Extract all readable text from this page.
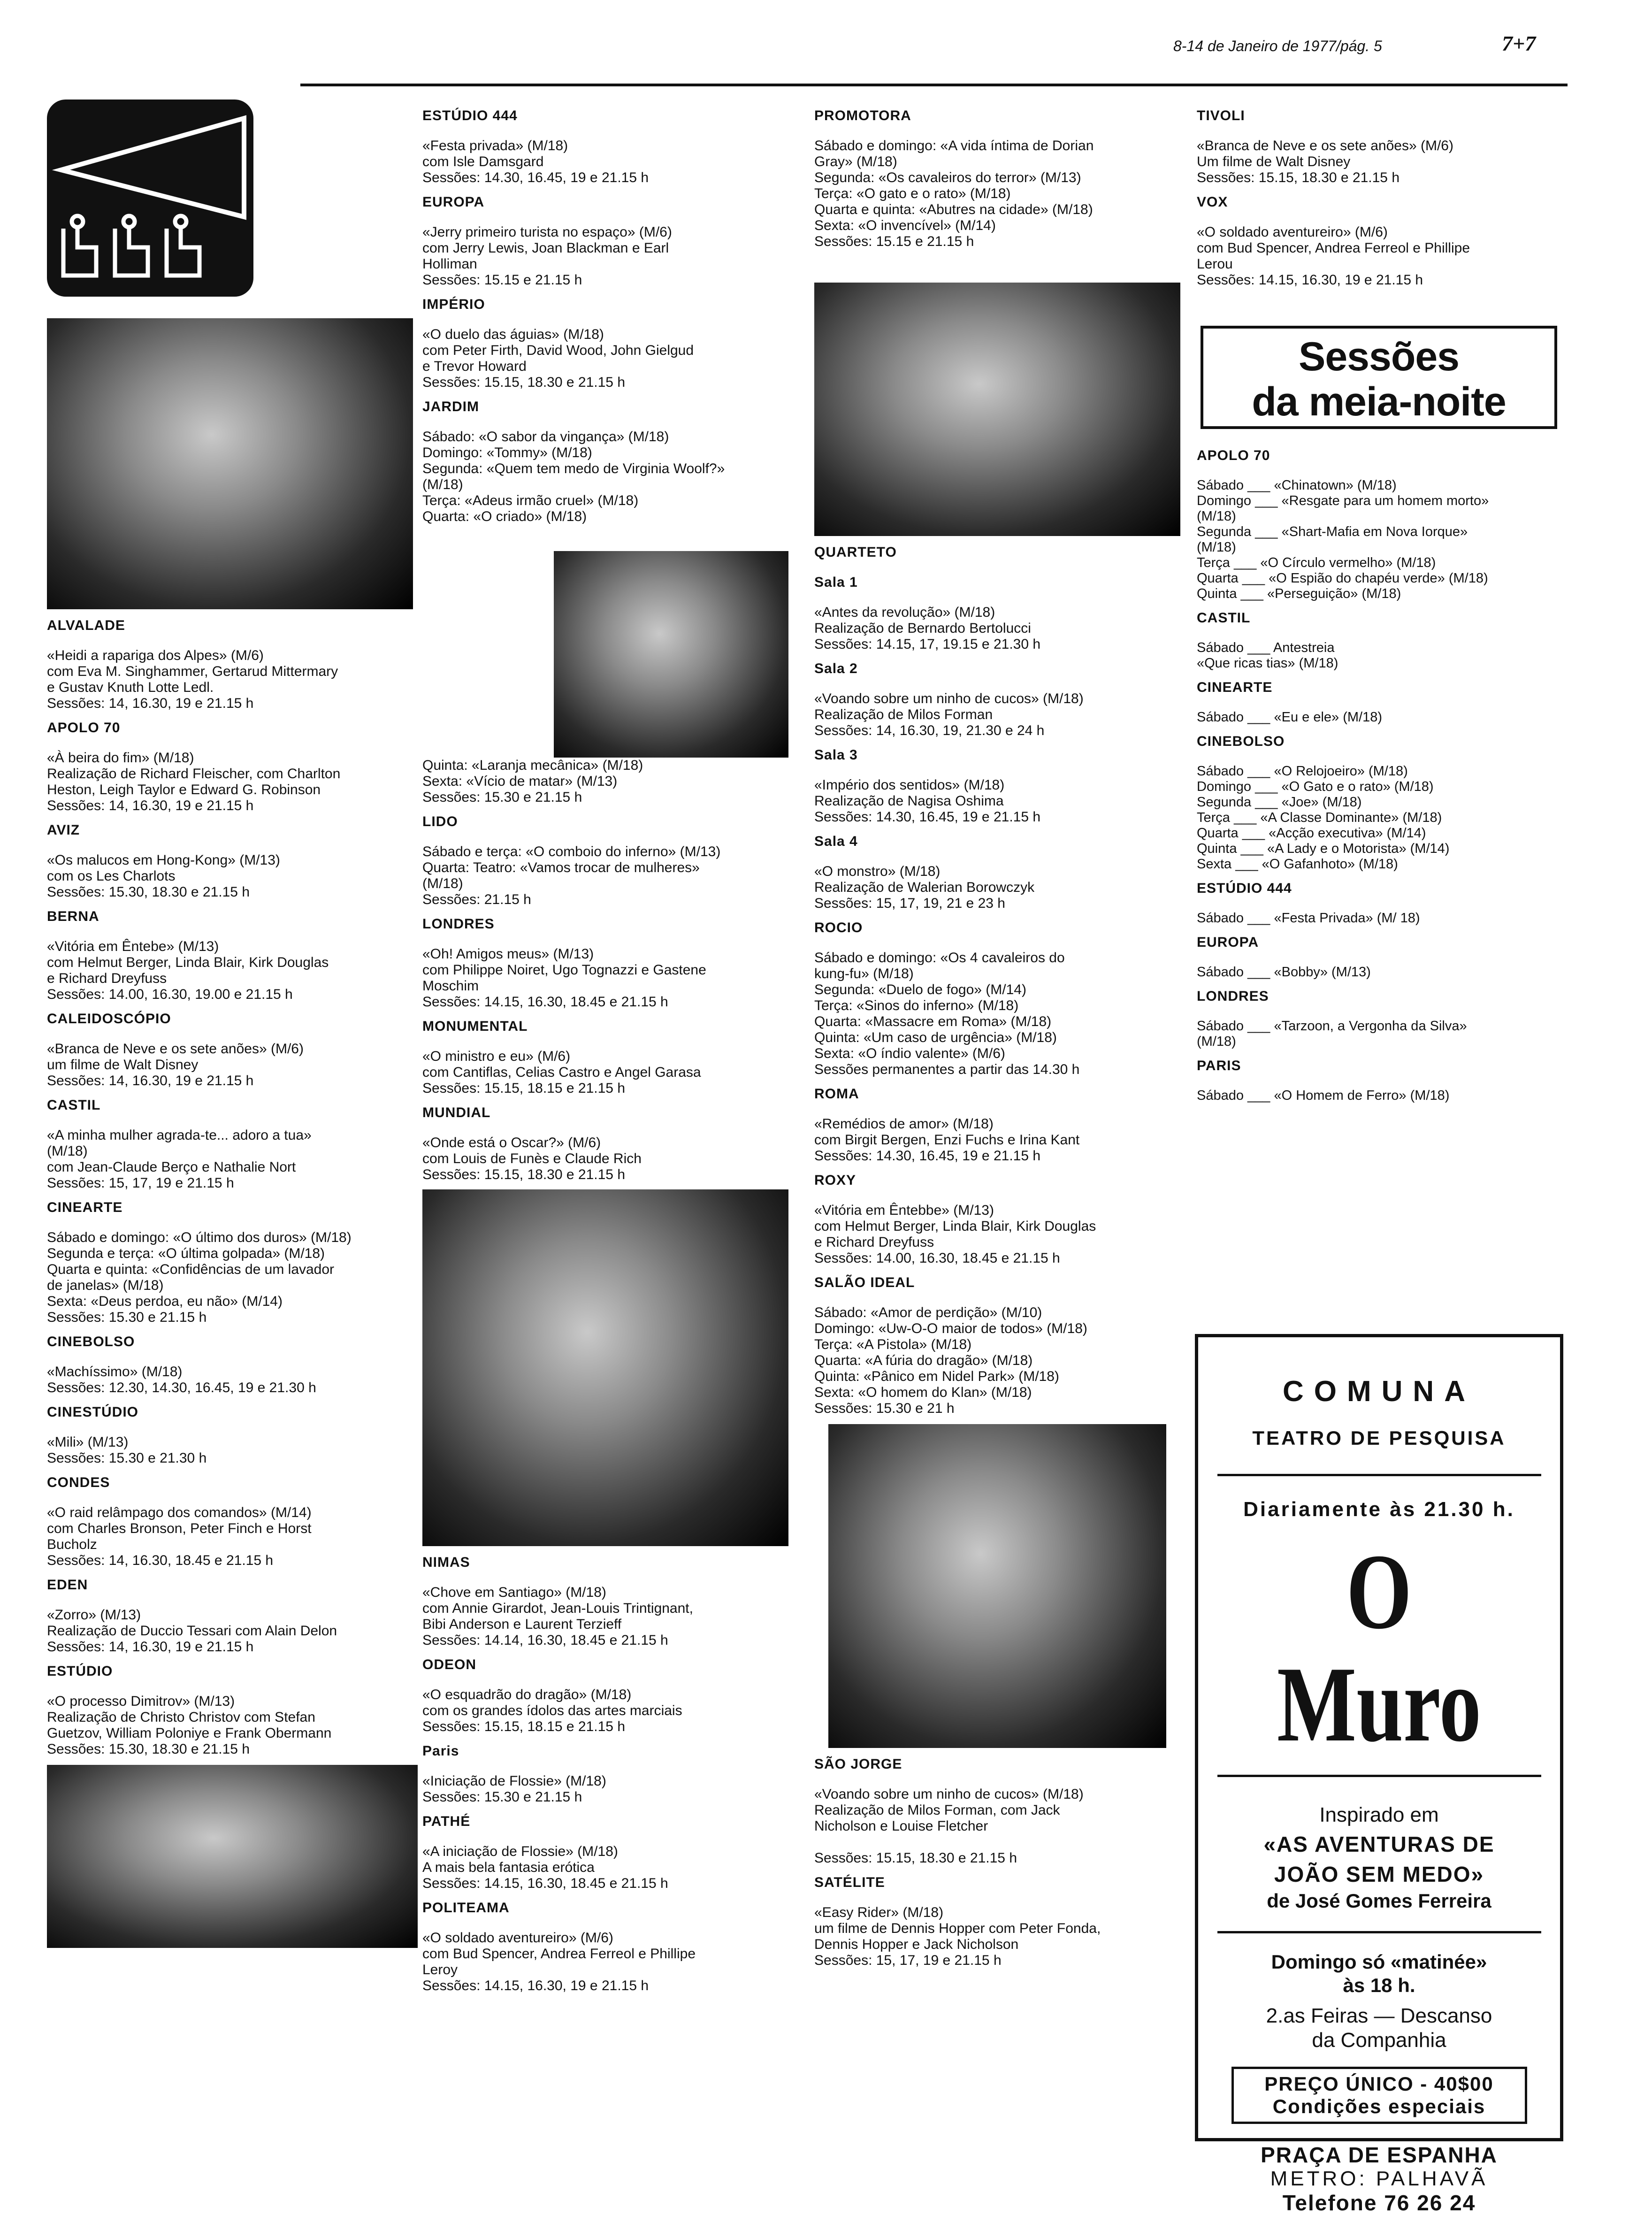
8-14 de Janeiro de 1977/pág. 5	7+7
ALVALADE
«Heidi a rapariga dos Alpes» (M/6)
com Eva M. Singhammer, Gertarud Mittermary
e Gustav Knuth Lotte Ledl.
Sessões: 14, 16.30, 19 e 21.15 h
APOLO 70
«À beira do fim» (M/18)
Realização de Richard Fleischer, com Charlton
Heston, Leigh Taylor e Edward G. Robinson
Sessões: 14, 16.30, 19 e 21.15 h
AVIZ
«Os malucos em Hong-Kong» (M/13)
com os Les Charlots
Sessões: 15.30, 18.30 e 21.15 h
BERNA
«Vitória em Êntebe» (M/13)
com Helmut Berger, Linda Blair, Kirk Douglas
e Richard Dreyfuss
Sessões: 14.00, 16.30, 19.00 e 21.15 h
CALEIDOSCÓPIO
«Branca de Neve e os sete anões» (M/6)
um filme de Walt Disney
Sessões: 14, 16.30, 19 e 21.15 h
CASTIL
«A minha mulher agrada-te... adoro a tua»
(M/18)
com Jean-Claude Berço e Nathalie Nort
Sessões: 15, 17, 19 e 21.15 h
CINEARTE
Sábado e domingo: «O último dos duros» (M/18)
Segunda e terça: «O última golpada» (M/18)
Quarta e quinta: «Confidências de um lavador
de janelas» (M/18)
Sexta: «Deus perdoa, eu não» (M/14)
Sessões: 15.30 e 21.15 h
CINEBOLSO
«Machíssimo» (M/18)
Sessões: 12.30, 14.30, 16.45, 19 e 21.30 h
CINESTÚDIO
«Mili» (M/13)
Sessões: 15.30 e 21.30 h
CONDES
«O raid relâmpago dos comandos» (M/14)
com Charles Bronson, Peter Finch e Horst
Bucholz
Sessões: 14, 16.30, 18.45 e 21.15 h
EDEN
«Zorro» (M/13)
Realização de Duccio Tessari com Alain Delon
Sessões: 14, 16.30, 19 e 21.15 h
ESTÚDIO
«O processo Dimitrov» (M/13)
Realização de Christo Christov com Stefan
Guetzov, William Poloniye e Frank Obermann
Sessões: 15.30, 18.30 e 21.15 h
ESTÚDIO 444
«Festa privada» (M/18)
com Isle Damsgard
Sessões: 14.30, 16.45, 19 e 21.15 h
EUROPA
«Jerry primeiro turista no espaço» (M/6)
com Jerry Lewis, Joan Blackman e Earl
Holliman
Sessões: 15.15 e 21.15 h
IMPÉRIO
«O duelo das águias» (M/18)
com Peter Firth, David Wood, John Gielgud
e Trevor Howard
Sessões: 15.15, 18.30 e 21.15 h
JARDIM
Sábado: «O sabor da vingança» (M/18)
Domingo: «Tommy» (M/18)
Segunda: «Quem tem medo de Virginia Woolf?»
(M/18)
Terça: «Adeus irmão cruel» (M/18)
Quarta: «O criado» (M/18)
Quinta: «Laranja mecânica» (M/18)
Sexta: «Vício de matar» (M/13)
Sessões: 15.30 e 21.15 h
LIDO
Sábado e terça: «O comboio do inferno» (M/13)
Quarta: Teatro: «Vamos trocar de mulheres»
(M/18)
Sessões: 21.15 h
LONDRES
«Oh! Amigos meus» (M/13)
com Philippe Noiret, Ugo Tognazzi e Gastene
Moschim
Sessões: 14.15, 16.30, 18.45 e 21.15 h
MONUMENTAL
«O ministro e eu» (M/6)
com Cantiflas, Celias Castro e Angel Garasa
Sessões: 15.15, 18.15 e 21.15 h
MUNDIAL
«Onde está o Oscar?» (M/6)
com Louis de Funès e Claude Rich
Sessões: 15.15, 18.30 e 21.15 h
NIMAS
«Chove em Santiago» (M/18)
com Annie Girardot, Jean-Louis Trintignant,
Bibi Anderson e Laurent Terzieff
Sessões: 14.14, 16.30, 18.45 e 21.15 h
ODEON
«O esquadrão do dragão» (M/18)
com os grandes ídolos das artes marciais
Sessões: 15.15, 18.15 e 21.15 h
Paris
«Iniciação de Flossie» (M/18)
Sessões: 15.30 e 21.15 h
PATHÉ
«A iniciação de Flossie» (M/18)
A mais bela fantasia erótica
Sessões: 14.15, 16.30, 18.45 e 21.15 h
POLITEAMA
«O soldado aventureiro» (M/6)
com Bud Spencer, Andrea Ferreol e Phillipe
Leroy
Sessões: 14.15, 16.30, 19 e 21.15 h
PROMOTORA
Sábado e domingo: «A vida íntima de Dorian
Gray» (M/18)
Segunda: «Os cavaleiros do terror» (M/13)
Terça: «O gato e o rato» (M/18)
Quarta e quinta: «Abutres na cidade» (M/18)
Sexta: «O invencível» (M/14)
Sessões: 15.15 e 21.15 h
QUARTETO
Sala 1
«Antes da revolução» (M/18)
Realização de Bernardo Bertolucci
Sessões: 14.15, 17, 19.15 e 21.30 h
Sala 2
«Voando sobre um ninho de cucos» (M/18)
Realização de Milos Forman
Sessões: 14, 16.30, 19, 21.30 e 24 h
Sala 3
«Império dos sentidos» (M/18)
Realização de Nagisa Oshima
Sessões: 14.30, 16.45, 19 e 21.15 h
Sala 4
«O monstro» (M/18)
Realização de Walerian Borowczyk
Sessões: 15, 17, 19, 21 e 23 h
ROCIO
Sábado e domingo: «Os 4 cavaleiros do
kung-fu» (M/18)
Segunda: «Duelo de fogo» (M/14)
Terça: «Sinos do inferno» (M/18)
Quarta: «Massacre em Roma» (M/18)
Quinta: «Um caso de urgência» (M/18)
Sexta: «O índio valente» (M/6)
Sessões permanentes a partir das 14.30 h
ROMA
«Remédios de amor» (M/18)
com Birgit Bergen, Enzi Fuchs e Irina Kant
Sessões: 14.30, 16.45, 19 e 21.15 h
ROXY
«Vitória em Êntebbe» (M/13)
com Helmut Berger, Linda Blair, Kirk Douglas
e Richard Dreyfuss
Sessões: 14.00, 16.30, 18.45 e 21.15 h
SALÃO IDEAL
Sábado: «Amor de perdição» (M/10)
Domingo: «Uw-O-O maior de todos» (M/18)
Terça: «A Pistola» (M/18)
Quarta: «A fúria do dragão» (M/18)
Quinta: «Pânico em Nidel Park» (M/18)
Sexta: «O homem do Klan» (M/18)
Sessões: 15.30 e 21 h
SÃO JORGE
«Voando sobre um ninho de cucos» (M/18)
Realização de Milos Forman, com Jack
Nicholson e Louise Fletcher

Sessões: 15.15, 18.30 e 21.15 h
SATÉLITE
«Easy Rider» (M/18)
um filme de Dennis Hopper com Peter Fonda,
Dennis Hopper e Jack Nicholson
Sessões: 15, 17, 19 e 21.15 h
TIVOLI
«Branca de Neve e os sete anões» (M/6)
Um filme de Walt Disney
Sessões: 15.15, 18.30 e 21.15 h
VOX
«O soldado aventureiro» (M/6)
com Bud Spencer, Andrea Ferreol e Phillipe
Lerou
Sessões: 14.15, 16.30, 19 e 21.15 h
Sessões
da meia-noite
APOLO 70
Sábado ___ «Chinatown» (M/18)
Domingo ___ «Resgate para um homem morto»
(M/18)
Segunda ___ «Shart-Mafia em Nova Iorque»
(M/18)
Terça ___ «O Círculo vermelho» (M/18)
Quarta ___ «O Espião do chapéu verde» (M/18)
Quinta ___ «Perseguição» (M/18)
CASTIL
Sábado ___ Antestreia
«Que ricas tias» (M/18)
CINEARTE
Sábado ___ «Eu e ele» (M/18)
CINEBOLSO
Sábado ___ «O Relojoeiro» (M/18)
Domingo ___ «O Gato e o rato» (M/18)
Segunda ___ «Joe» (M/18)
Terça ___ «A Classe Dominante» (M/18)
Quarta ___ «Acção executiva» (M/14)
Quinta ___ «A Lady e o Motorista» (M/14)
Sexta ___ «O Gafanhoto» (M/18)
ESTÚDIO 444
Sábado ___ «Festa Privada» (M/ 18)
EUROPA
Sábado ___ «Bobby» (M/13)
LONDRES
Sábado ___ «Tarzoon, a Vergonha da Silva»
(M/18)
PARIS
Sábado ___ «O Homem de Ferro» (M/18)
COMUNA
TEATRO DE PESQUISA
Diariamente às 21.30 h.
O Muro
Inspirado em
«AS AVENTURAS DE
JOÃO SEM MEDO»
de José Gomes Ferreira
Domingo só «matinée»
às 18 h.
2.as Feiras — Descanso
da Companhia
PREÇO ÚNICO - 40$00
Condições especiais
PRAÇA DE ESPANHA
METRO: PALHAVÃ
Telefone 76 26 24
